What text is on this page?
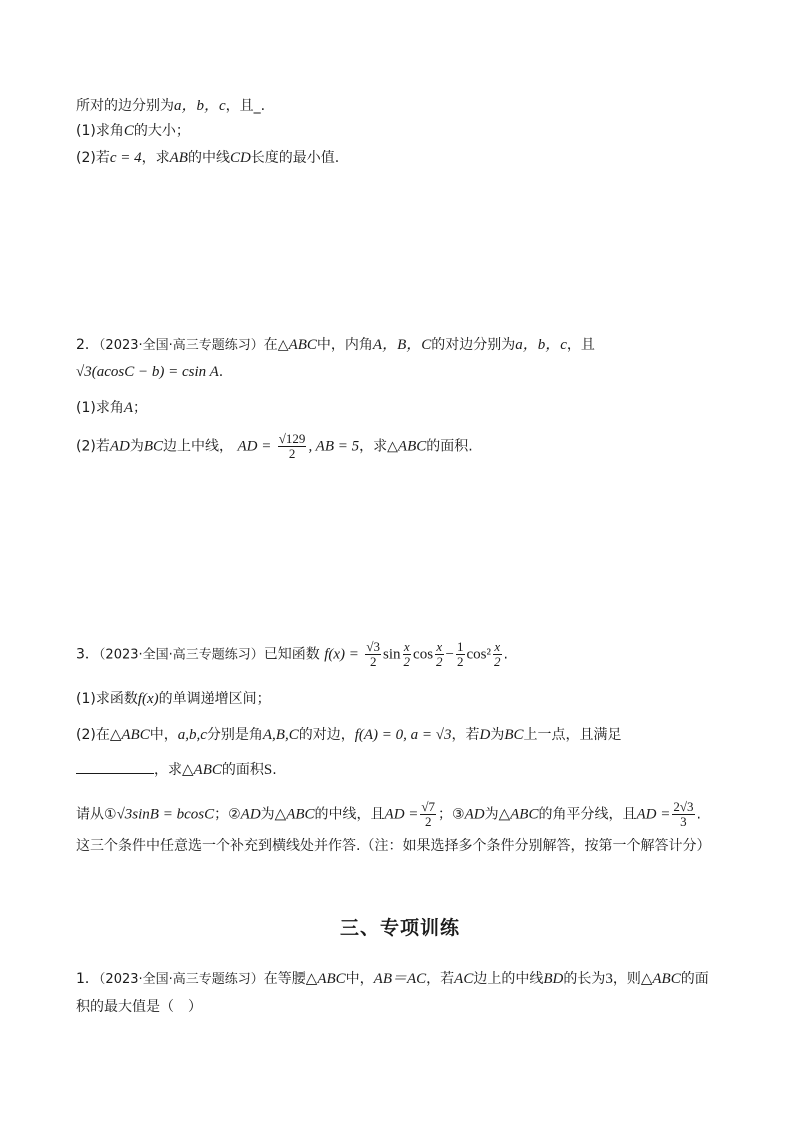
所对的边分别为a，b，c，且_.
(1)求角C的大小；
(2)若c = 4，求AB的中线CD长度的最小值.
2．（2023·全国·高三专题练习）在△ABC中，内角A，B，C的对边分别为a，b，c，且
√3(acosC − b) = csin A.
(1)求角A；
(2)若AD为BC边上中线， AD = $\frac{√129}{2}$ , AB = 5，求△ABC的面积.
3．（2023·全国·高三专题练习）已知函数 $f(x) = \frac{√3}{2}$ $\sin \frac{x}{2}$ $\cos \frac{x}{2} - \frac{1}{2} \cos^2 \frac{x}{2}$ .
(1)求函数f(x)的单调递增区间；
(2)在△ABC中，a,b,c分别是角A,B,C的对边，f(A) = 0, a = √3，若D为BC上一点，且满足
，求△ABC的面积S.
请从①√3sinB = bcosC；②AD为△ABC的中线，且AD = $\frac{√7}{2}$ ；③AD为△ABC的角平分线，且AD = $\frac{2√3}{3}$ .
这三个条件中任意选一个补充到横线处并作答.（注：如果选择多个条件分别解答，按第一个解答计分）
三、专项训练
1．（2023·全国·高三专题练习）在等腰△ABC中，AB＝AC，若AC边上的中线BD的长为3，则△ABC的面
积的最大值是（　）
